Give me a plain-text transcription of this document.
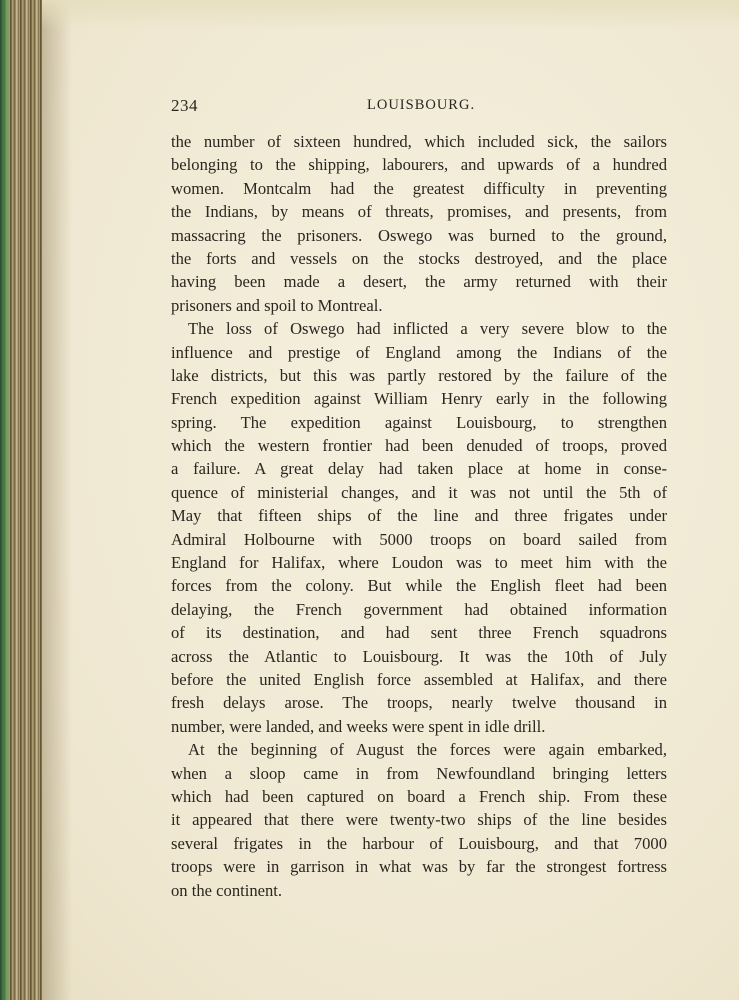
234	LOUISBOURG.
the number of sixteen hundred, which included sick, the sailors
belonging to the shipping, labourers, and upwards of a hundred
women. Montcalm had the greatest difficulty in preventing
the Indians, by means of threats, promises, and presents, from
massacring the prisoners. Oswego was burned to the ground,
the forts and vessels on the stocks destroyed, and the place
having been made a desert, the army returned with their
prisoners and spoil to Montreal.
The loss of Oswego had inflicted a very severe blow to the
influence and prestige of England among the Indians of the
lake districts, but this was partly restored by the failure of the
French expedition against William Henry early in the following
spring. The expedition against Louisbourg, to strengthen
which the western frontier had been denuded of troops, proved
a failure. A great delay had taken place at home in conse-
quence of ministerial changes, and it was not until the 5th of
May that fifteen ships of the line and three frigates under
Admiral Holbourne with 5000 troops on board sailed from
England for Halifax, where Loudon was to meet him with the
forces from the colony. But while the English fleet had been
delaying, the French government had obtained information
of its destination, and had sent three French squadrons
across the Atlantic to Louisbourg. It was the 10th of July
before the united English force assembled at Halifax, and there
fresh delays arose. The troops, nearly twelve thousand in
number, were landed, and weeks were spent in idle drill.
At the beginning of August the forces were again embarked,
when a sloop came in from Newfoundland bringing letters
which had been captured on board a French ship. From these
it appeared that there were twenty-two ships of the line besides
several frigates in the harbour of Louisbourg, and that 7000
troops were in garrison in what was by far the strongest fortress
on the continent.
